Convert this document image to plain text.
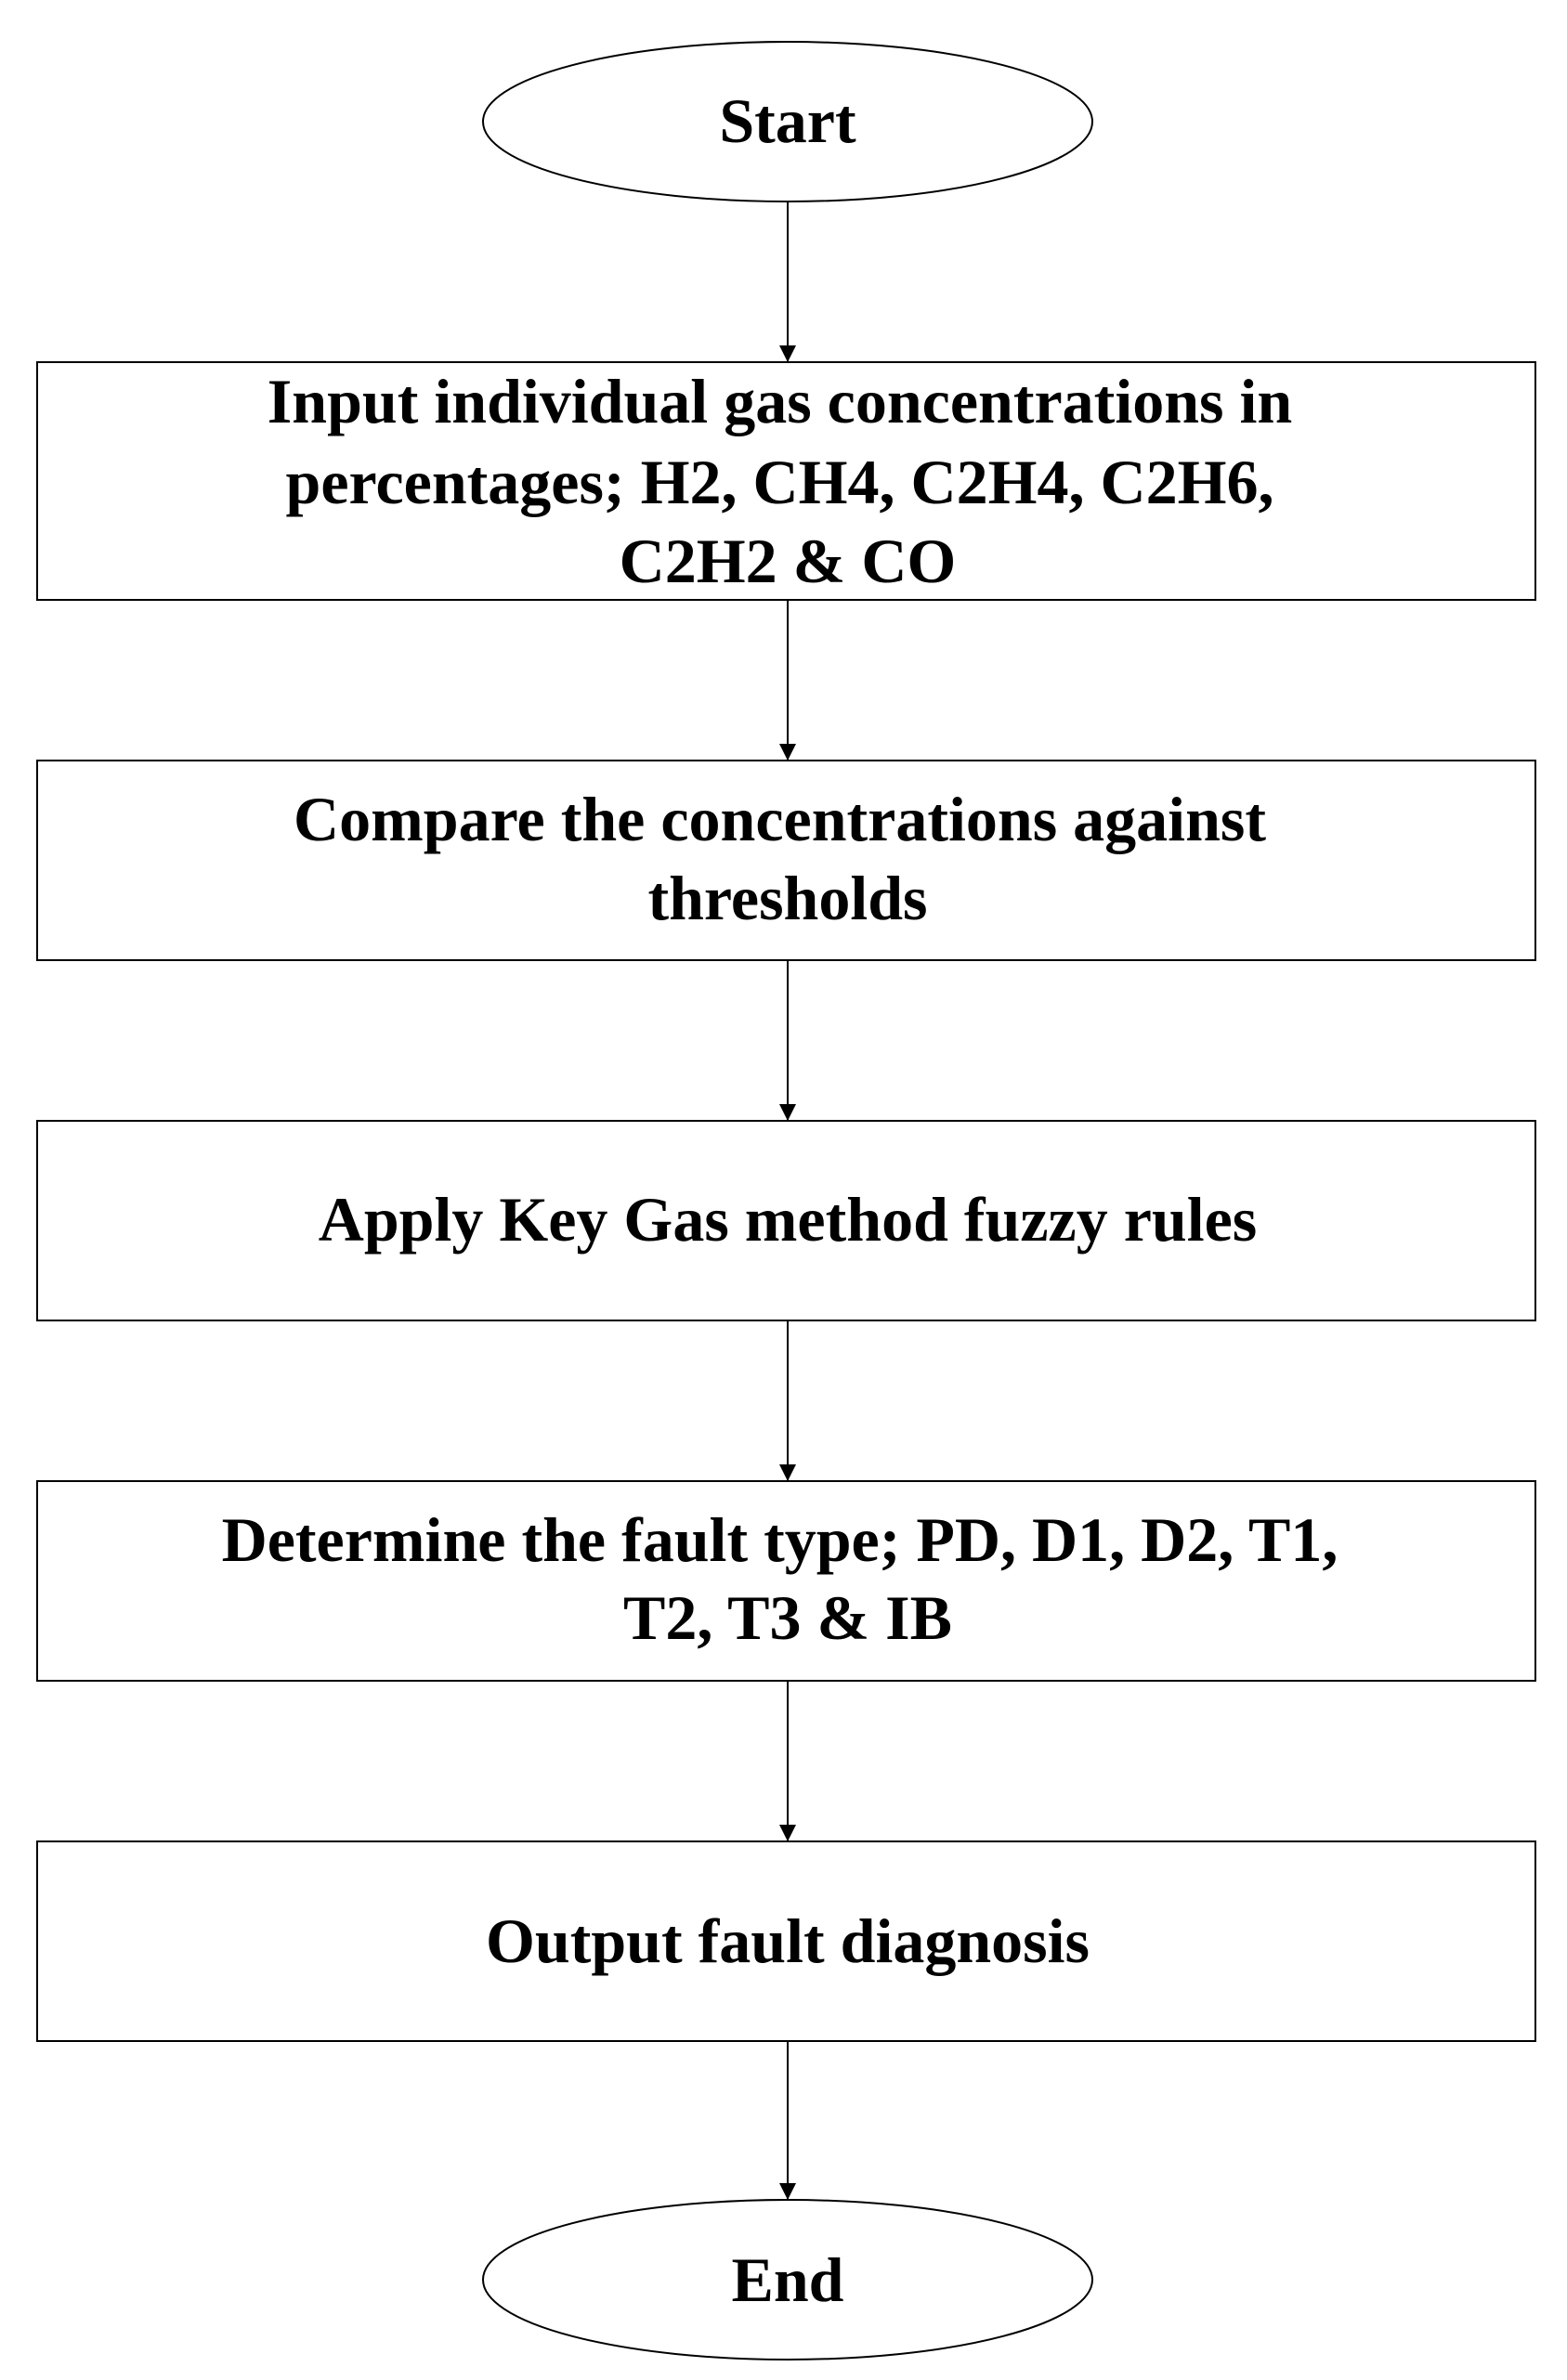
Start
Input individual gas concentrations in percentages; H2, CH4, C2H4, C2H6, C2H2 & CO
Compare the concentrations against thresholds
Apply Key Gas method fuzzy rules
Determine the fault type; PD, D1, D2, T1, T2, T3 & IB
Output fault diagnosis
End
